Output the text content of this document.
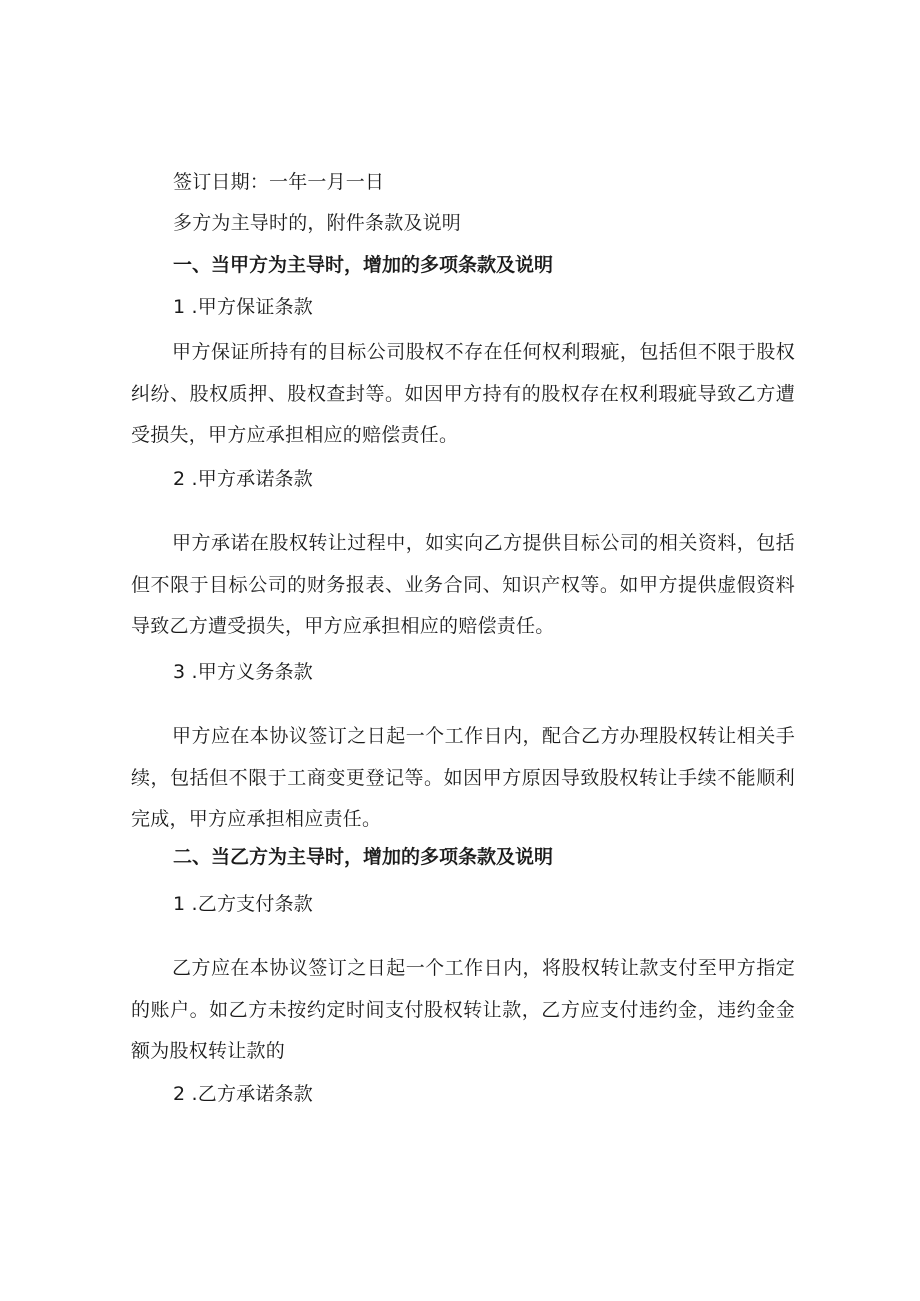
签订日期：一年一月一日
多方为主导时的，附件条款及说明
一、当甲方为主导时，增加的多项条款及说明
1 .甲方保证条款
甲方保证所持有的目标公司股权不存在任何权利瑕疵，包括但不限于股权纠纷、股权质押、股权查封等。如因甲方持有的股权存在权利瑕疵导致乙方遭受损失，甲方应承担相应的赔偿责任。
2 .甲方承诺条款
甲方承诺在股权转让过程中，如实向乙方提供目标公司的相关资料，包括但不限于目标公司的财务报表、业务合同、知识产权等。如甲方提供虚假资料导致乙方遭受损失，甲方应承担相应的赔偿责任。
3 .甲方义务条款
甲方应在本协议签订之日起一个工作日内，配合乙方办理股权转让相关手续，包括但不限于工商变更登记等。如因甲方原因导致股权转让手续不能顺利完成，甲方应承担相应责任。
二、当乙方为主导时，增加的多项条款及说明
1 .乙方支付条款
乙方应在本协议签订之日起一个工作日内，将股权转让款支付至甲方指定的账户。如乙方未按约定时间支付股权转让款，乙方应支付违约金，违约金金额为股权转让款的
2 .乙方承诺条款
